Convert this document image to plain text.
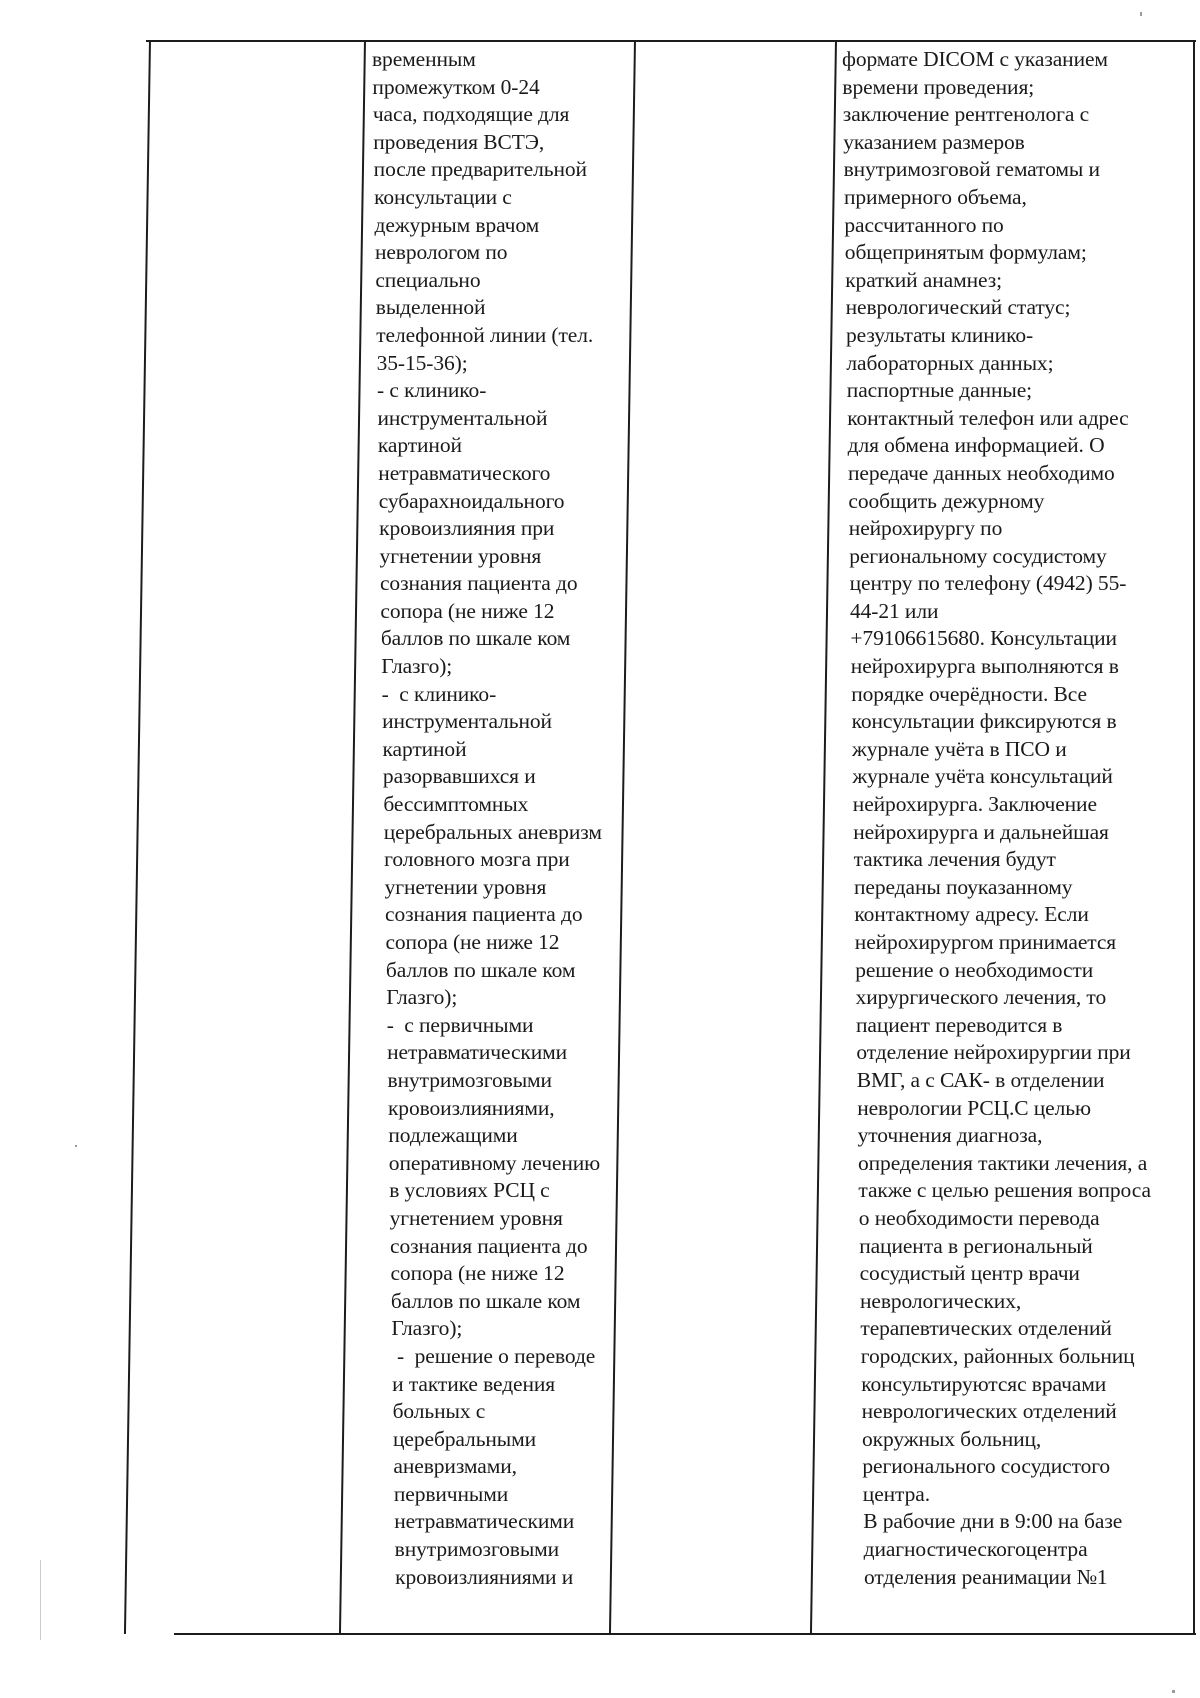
временным
промежутком 0-24
часа, подходящие для
проведения ВСТЭ,
после предварительной
консультации с
дежурным врачом
неврологом по
специально
выделенной
телефонной линии (тел.
35-15-36);
- с клинико-
инструментальной
картиной
нетравматического
субарахноидального
кровоизлияния при
угнетении уровня
сознания пациента до
сопора (не ниже 12
баллов по шкале ком
Глазго);
-  с клинико-
инструментальной
картиной
разорвавшихся и
бессимптомных
церебральных аневризм
головного мозга при
угнетении уровня
сознания пациента до
сопора (не ниже 12
баллов по шкале ком
Глазго);
-  с первичными
нетравматическими
внутримозговыми
кровоизлияниями,
подлежащими
оперативному лечению
в условиях РСЦ с
угнетением уровня
сознания пациента до
сопора (не ниже 12
баллов по шкале ком
Глазго);
-  решение о переводе
и тактике ведения
больных с
церебральными
аневризмами,
первичными
нетравматическими
внутримозговыми
кровоизлияниями и
формате DICOM с указанием
времени проведения;
заключение рентгенолога с
указанием размеров
внутримозговой гематомы и
примерного объема,
рассчитанного по
общепринятым формулам;
краткий анамнез;
неврологический статус;
результаты клинико-
лабораторных данных;
паспортные данные;
контактный телефон или адрес
для обмена информацией. О
передаче данных необходимо
сообщить дежурному
нейрохирургу по
региональному сосудистому
центру по телефону (4942) 55-
44-21 или
+79106615680. Консультации
нейрохирурга выполняются в
порядке очерёдности. Все
консультации фиксируются в
журнале учёта в ПСО и
журнале учёта консультаций
нейрохирурга. Заключение
нейрохирурга и дальнейшая
тактика лечения будут
переданы поуказанному
контактному адресу. Если
нейрохирургом принимается
решение о необходимости
хирургического лечения, то
пациент переводится в
отделение нейрохирургии при
ВМГ, а с САК- в отделении
неврологии РСЦ.С целью
уточнения диагноза,
определения тактики лечения, а
также с целью решения вопроса
о необходимости перевода
пациента в региональный
сосудистый центр врачи
неврологических,
терапевтических отделений
городских, районных больниц
консультируютсяс врачами
неврологических отделений
окружных больниц,
регионального сосудистого
центра.
В рабочие дни в 9:00 на базе
диагностическогоцентра
отделения реанимации №1
